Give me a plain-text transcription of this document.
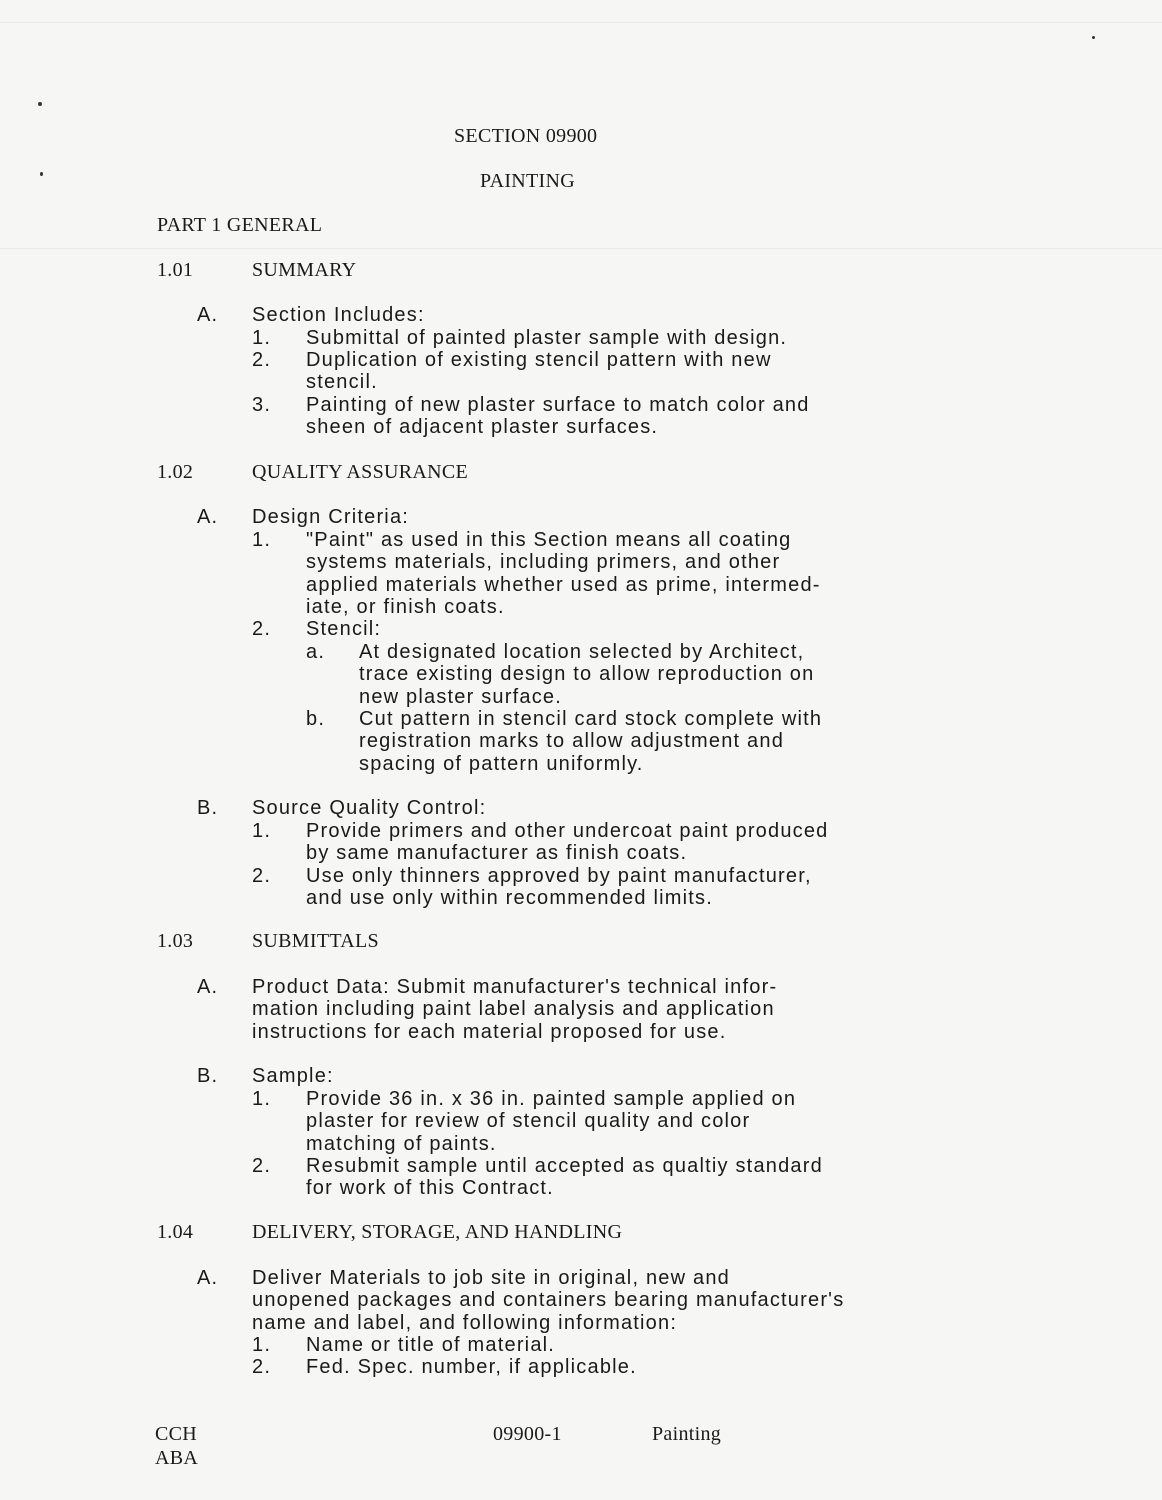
SECTION 09900
PAINTING
PART 1 GENERAL
1.01	SUMMARY
A. Section Includes:
1. Submittal of painted plaster sample with design.
2. Duplication of existing stencil pattern with new
stencil.
3. Painting of new plaster surface to match color and
sheen of adjacent plaster surfaces.
1.02	QUALITY ASSURANCE
A. Design Criteria:
1. "Paint" as used in this Section means all coating
systems materials, including primers, and other
applied materials whether used as prime, intermed-
iate, or finish coats.
2. Stencil:
a. At designated location selected by Architect,
trace existing design to allow reproduction on
new plaster surface.
b. Cut pattern in stencil card stock complete with
registration marks to allow adjustment and
spacing of pattern uniformly.
B. Source Quality Control:
1. Provide primers and other undercoat paint produced
by same manufacturer as finish coats.
2. Use only thinners approved by paint manufacturer,
and use only within recommended limits.
1.03	SUBMITTALS
A. Product Data: Submit manufacturer's technical infor-
mation including paint label analysis and application
instructions for each material proposed for use.
B. Sample:
1. Provide 36 in. x 36 in. painted sample applied on
plaster for review of stencil quality and color
matching of paints.
2. Resubmit sample until accepted as qualtiy standard
for work of this Contract.
1.04	DELIVERY, STORAGE, AND HANDLING
A. Deliver Materials to job site in original, new and
unopened packages and containers bearing manufacturer's
name and label, and following information:
1. Name or title of material.
2. Fed. Spec. number, if applicable.
CCH
ABA
09900-1	Painting
